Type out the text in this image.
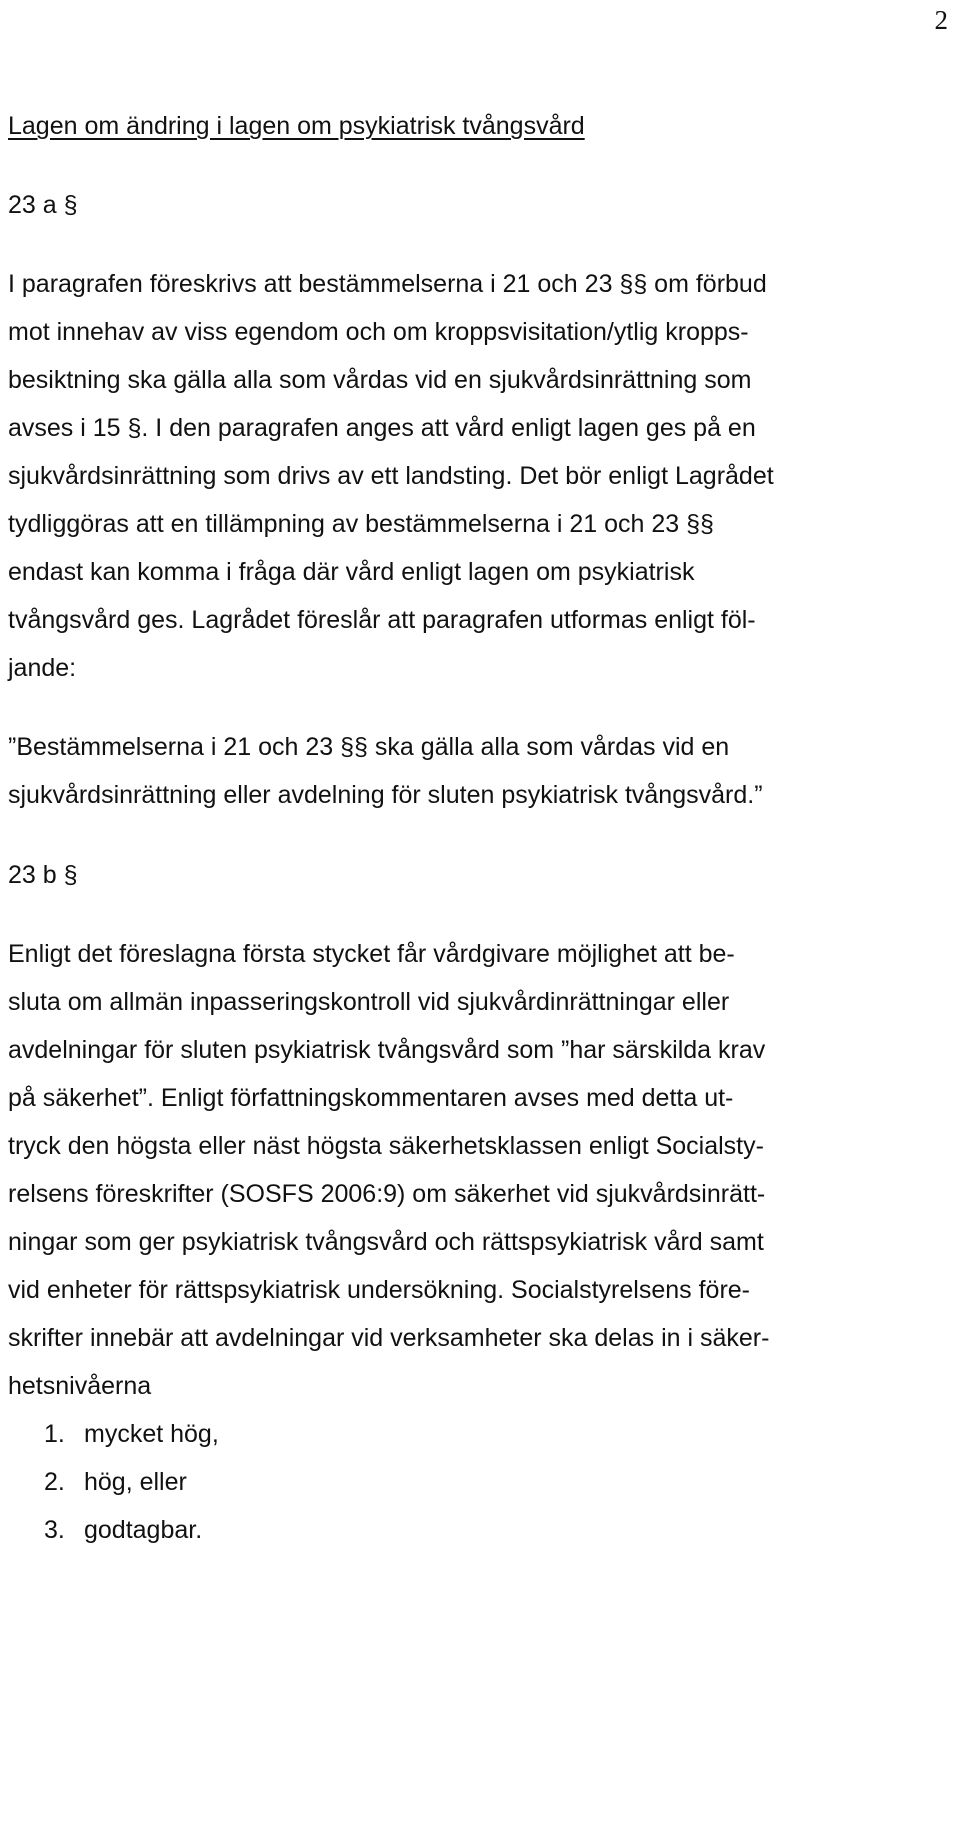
2

Lagen om ändring i lagen om psykiatrisk tvångsvård

23 a §

I paragrafen föreskrivs att bestämmelserna i 21 och 23 §§ om förbud
mot innehav av viss egendom och om kroppsvisitation/ytlig kropps-
besiktning ska gälla alla som vårdas vid en sjukvårdsinrättning som
avses i 15 §. I den paragrafen anges att vård enligt lagen ges på en
sjukvårdsinrättning som drivs av ett landsting. Det bör enligt Lagrådet
tydliggöras att en tillämpning av bestämmelserna i 21 och 23 §§
endast kan komma i fråga där vård enligt lagen om psykiatrisk
tvångsvård ges. Lagrådet föreslår att paragrafen utformas enligt föl-
jande:

”Bestämmelserna i 21 och 23 §§ ska gälla alla som vårdas vid en
sjukvårdsinrättning eller avdelning för sluten psykiatrisk tvångsvård.”

23 b §

Enligt det föreslagna första stycket får vårdgivare möjlighet att be-
sluta om allmän inpasseringskontroll vid sjukvårdinrättningar eller
avdelningar för sluten psykiatrisk tvångsvård som ”har särskilda krav
på säkerhet”. Enligt författningskommentaren avses med detta ut-
tryck den högsta eller näst högsta säkerhetsklassen enligt Socialsty-
relsens föreskrifter (SOSFS 2006:9) om säkerhet vid sjukvårdsinrätt-
ningar som ger psykiatrisk tvångsvård och rättspsykiatrisk vård samt
vid enheter för rättspsykiatrisk undersökning. Socialstyrelsens före-
skrifter innebär att avdelningar vid verksamheter ska delas in i säker-
hetsnivåerna

1. mycket hög,
2. hög, eller
3. godtagbar.
